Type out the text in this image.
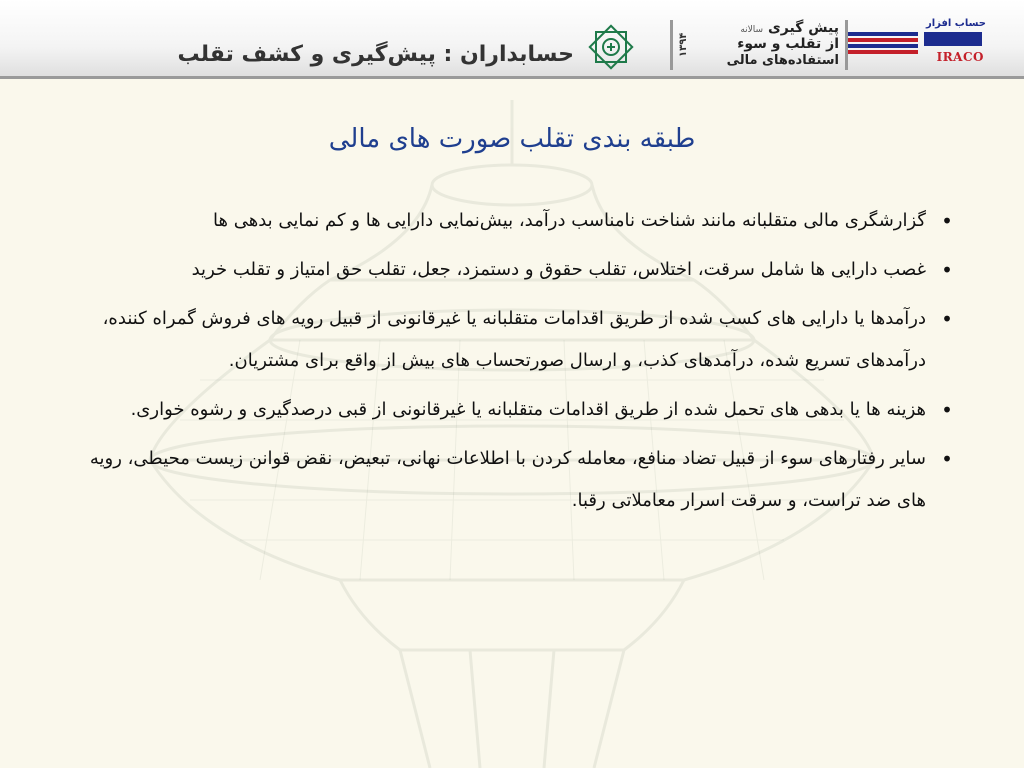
حسابداران : پیش‌گیری و کشف تقلب	۱۳۹۴
پیش گیری سالانه
از تقلب و سوء
استفاده‌های مالی
حساب افزار
IRACO
طبقه بندی تقلب صورت های مالی
•
گزارشگری مالی متقلبانه مانند شناخت نامناسب درآمد، بیش‌نمایی دارایی ها و کم نمایی بدهی ها
•
غصب دارایی ها شامل سرقت، اختلاس، تقلب حقوق و دستمزد، جعل، تقلب حق امتیاز و تقلب خرید
•
درآمدها یا دارایی های کسب شده از طریق اقدامات متقلبانه یا غیرقانونی از قبیل رویه های فروش گمراه کننده، درآمدهای تسریع شده، درآمدهای کذب، و ارسال صورتحساب های بیش از واقع برای مشتریان.
•
هزینه ها یا بدهی های تحمل شده از طریق اقدامات متقلبانه یا غیرقانونی از قبی درصدگیری و رشوه خواری.
•
سایر رفتارهای سوء از قبیل تضاد منافع، معامله کردن با اطلاعات نهانی، تبعیض، نقض قوانن زیست محیطی، رویه های ضد تراست، و سرقت اسرار معاملاتی رقبا.
